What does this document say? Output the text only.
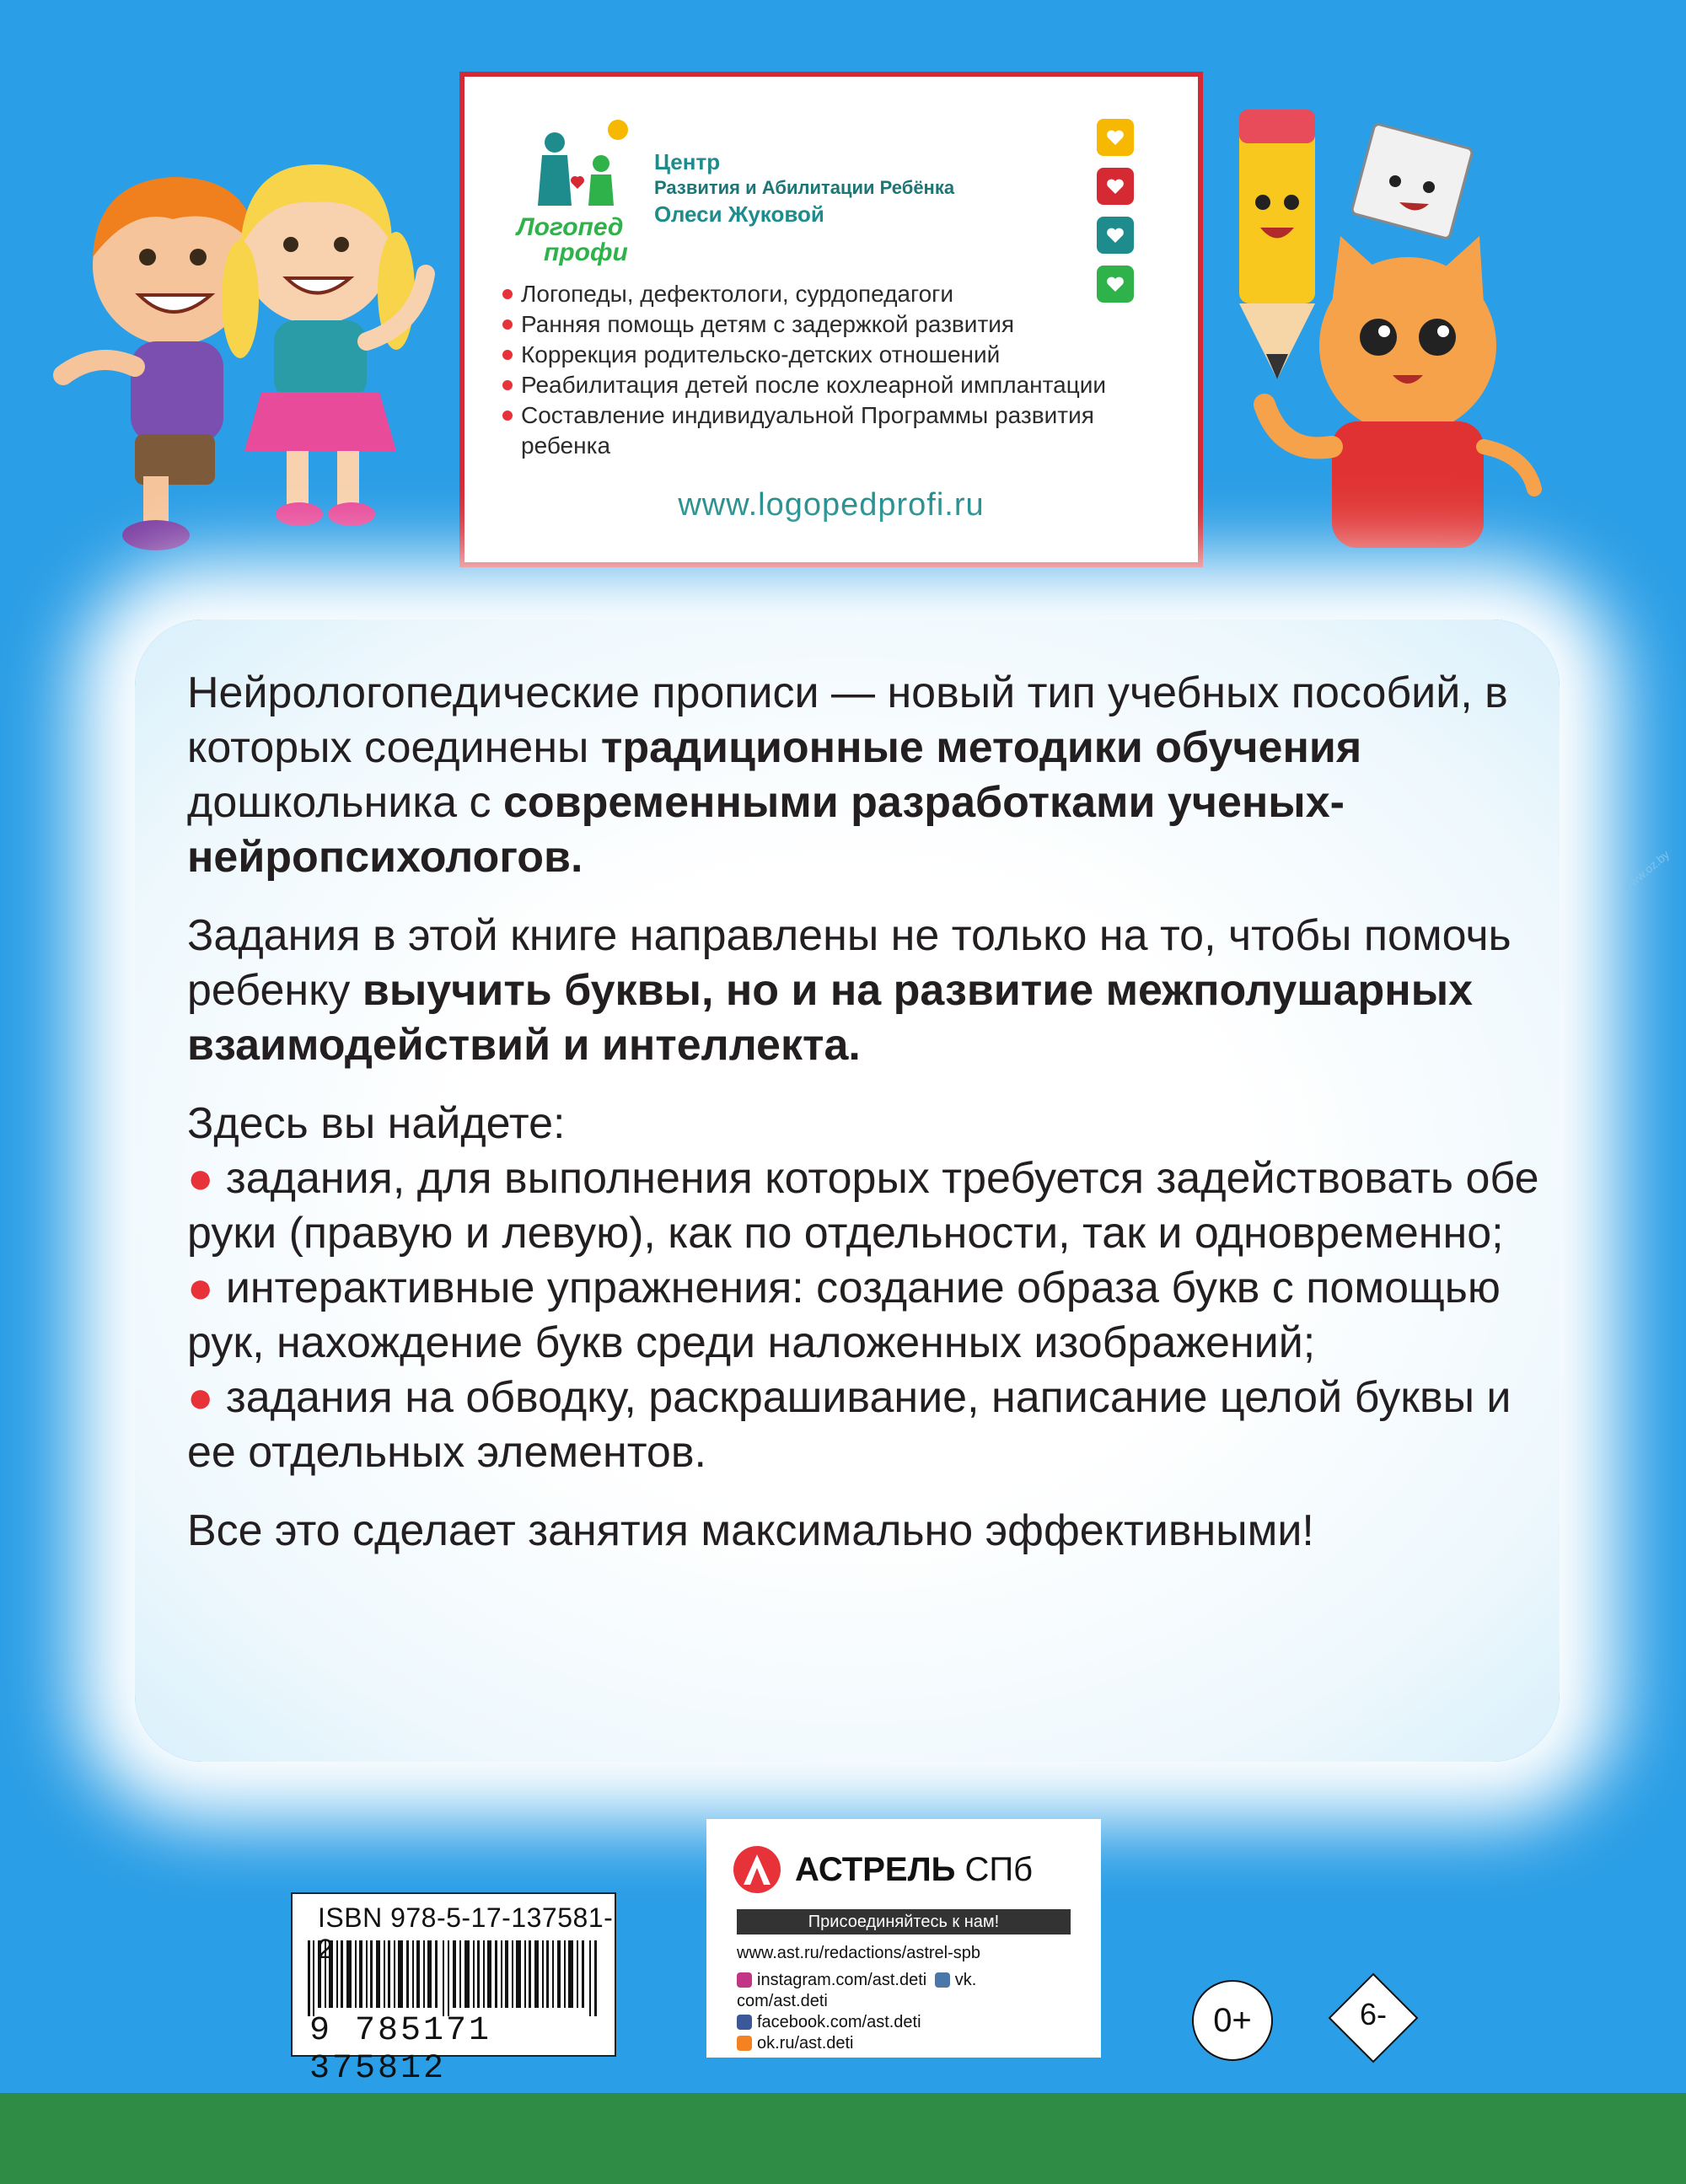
Логопед
профи
Центр
Развития и Абилитации Ребёнка
Олеси Жуковой
Логопеды, дефектологи, сурдопедагоги
Ранняя помощь детям с задержкой развития
Коррекция родительско-детских отношений
Реабилитация детей после кохлеарной имплантации
Составление индивидуальной Программы развития ребенка
www.logopedprofi.ru

Нейрологопедические прописи — новый тип учебных пособий, в которых соединены традиционные методики обучения дошкольника с современными разработками ученых-нейропсихологов.

Задания в этой книге направлены не только на то, чтобы помочь ребенку выучить буквы, но и на развитие межполушарных взаимодействий и интеллекта.

Здесь вы найдете:
● задания, для выполнения которых требуется задействовать обе руки (правую и левую), как по отдельности, так и одновременно;
● интерактивные упражнения: создание образа букв с помощью рук, нахождение букв среди наложенных изображений;
● задания на обводку, раскрашивание, написание целой буквы и ее отдельных элементов.

Все это сделает занятия максимально эффективными!

ISBN 978-5-17-137581-2
9 785171 375812
АСТРЕЛЬ СПб
Присоединяйтесь к нам!
www.ast.ru/redactions/astrel-spb
instagram.com/ast.deti vk.
com/ast.deti
facebook.com/ast.deti
ok.ru/ast.deti
0+	6-
www.oz.by
